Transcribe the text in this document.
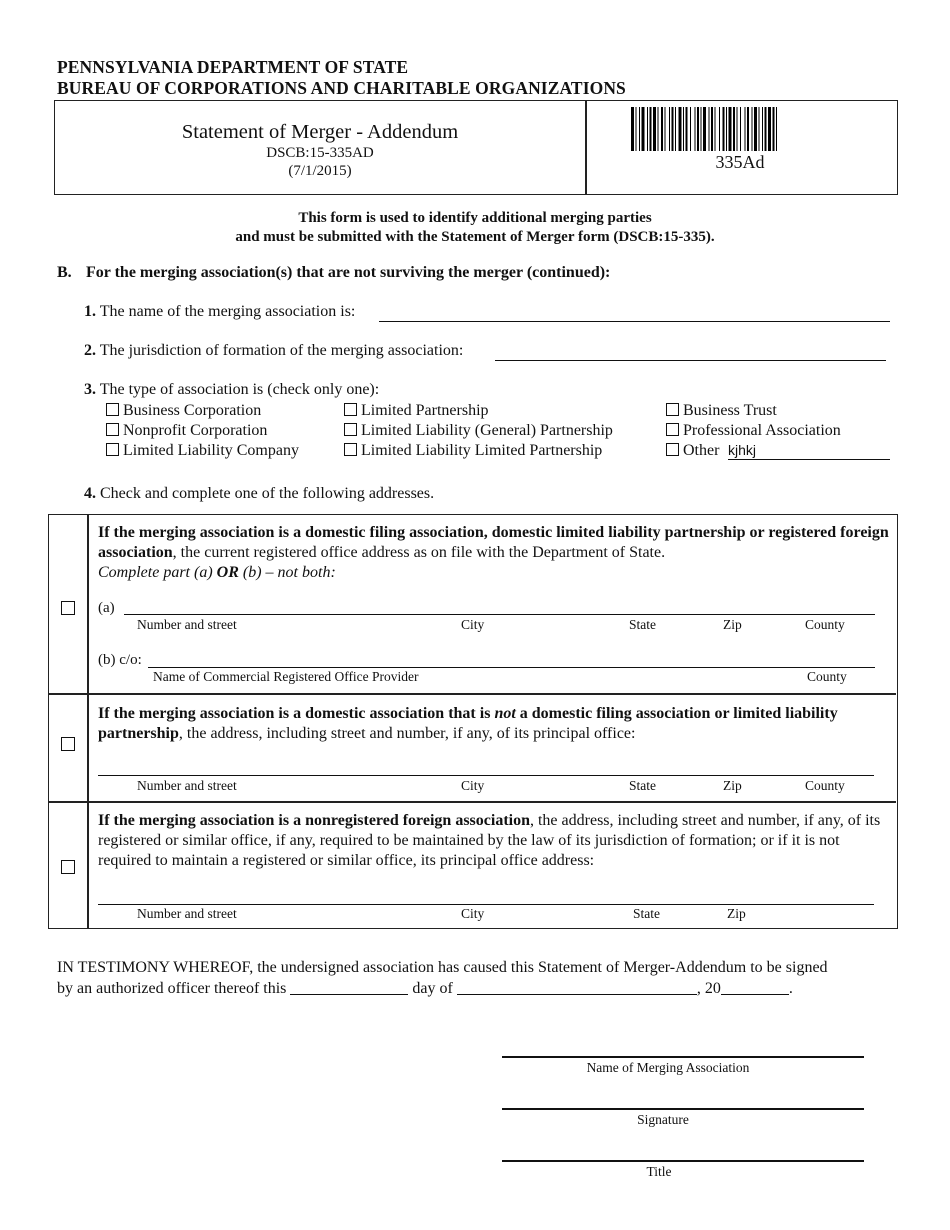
PENNSYLVANIA DEPARTMENT OF STATE
BUREAU OF CORPORATIONS AND CHARITABLE ORGANIZATIONS
Statement of Merger - Addendum
DSCB:15-335AD
(7/1/2015)	335Ad
This form is used to identify additional merging parties
and must be submitted with the Statement of Merger form (DSCB:15-335).
B. For the merging association(s) that are not surviving the merger (continued):
1. The name of the merging association is:
2. The jurisdiction of formation of the merging association:
3. The type of association is (check only one):
Business Corporation
Nonprofit Corporation
Limited Liability Company
Limited Partnership
Limited Liability (General) Partnership
Limited Liability Limited Partnership
Business Trust
Professional Association
Other kjhkj
4. Check and complete one of the following addresses.
If the merging association is a domestic filing association, domestic limited liability partnership or registered foreign association, the current registered office address as on file with the Department of State.
Complete part (a) OR (b) – not both:
(a)
Number and street	City	State	Zip	County
(b) c/o:
Name of Commercial Registered Office Provider	County
If the merging association is a domestic association that is not a domestic filing association or limited liability partnership, the address, including street and number, if any, of its principal office:
Number and street	City	State	Zip	County
If the merging association is a nonregistered foreign association, the address, including street and number, if any, of its registered or similar office, if any, required to be maintained by the law of its jurisdiction of formation; or if it is not required to maintain a registered or similar office, its principal office address:
Number and street	City	State	Zip
IN TESTIMONY WHEREOF, the undersigned association has caused this Statement of Merger-Addendum to be signed
by an authorized officer thereof this	day of	, 20	.
Name of Merging Association
Signature
Title
